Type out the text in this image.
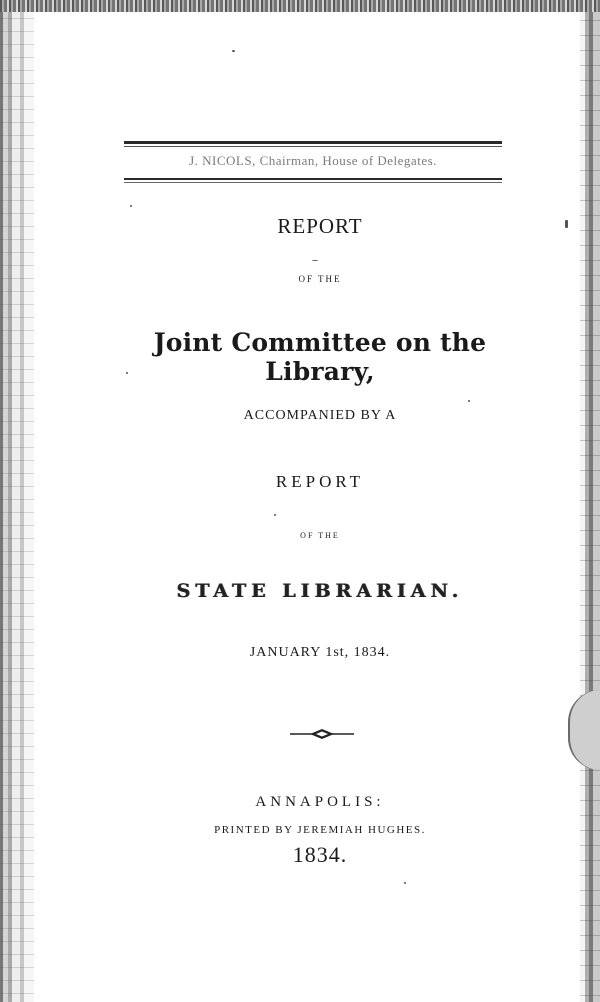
J. NICOLS, Chairman, House of Delegates.
REPORT
OF THE
Joint Committee on the Library,
ACCOMPANIED BY A
REPORT
OF THE
STATE LIBRARIAN.
JANUARY 1st, 1834.
ANNAPOLIS:
PRINTED BY JEREMIAH HUGHES.
1834.
